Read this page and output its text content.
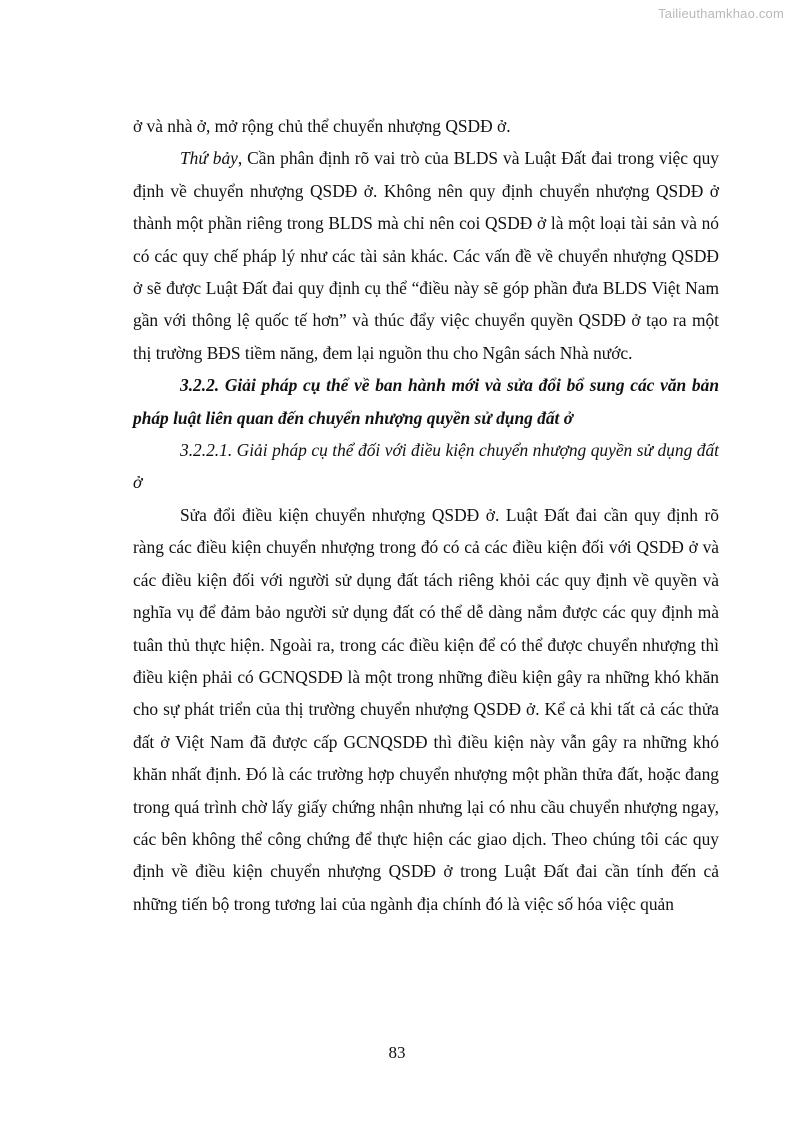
Tailieuthamkhao.com

ở và nhà ở, mở rộng chủ thể chuyển nhượng QSDĐ ở.

Thứ bảy, Cần phân định rõ vai trò của BLDS và Luật Đất đai trong việc quy định về chuyển nhượng QSDĐ ở. Không nên quy định chuyển nhượng QSDĐ ở thành một phần riêng trong BLDS mà chỉ nên coi QSDĐ ở là một loại tài sản và nó có các quy chế pháp lý như các tài sản khác. Các vấn đề về chuyển nhượng QSDĐ ở sẽ được Luật Đất đai quy định cụ thể “điều này sẽ góp phần đưa BLDS Việt Nam gần với thông lệ quốc tế hơn” và thúc đẩy việc chuyển quyền QSDĐ ở tạo ra một thị trường BĐS tiềm năng, đem lại nguồn thu cho Ngân sách Nhà nước.

3.2.2. Giải pháp cụ thể về ban hành mới và sửa đổi bổ sung các văn bản pháp luật liên quan đến chuyển nhượng quyền sử dụng đất ở

3.2.2.1. Giải pháp cụ thể đối với điều kiện chuyển nhượng quyền sử dụng đất ở

Sửa đổi điều kiện chuyển nhượng QSDĐ ở. Luật Đất đai cần quy định rõ ràng các điều kiện chuyển nhượng trong đó có cả các điều kiện đối với QSDĐ ở và các điều kiện đối với người sử dụng đất tách riêng khỏi các quy định về quyền và nghĩa vụ để đảm bảo người sử dụng đất có thể dễ dàng nắm được các quy định mà tuân thủ thực hiện. Ngoài ra, trong các điều kiện để có thể được chuyển nhượng thì điều kiện phải có GCNQSDĐ là một trong những điều kiện gây ra những khó khăn cho sự phát triển của thị trường chuyển nhượng QSDĐ ở. Kể cả khi tất cả các thửa đất ở Việt Nam đã được cấp GCNQSDĐ thì điều kiện này vẫn gây ra những khó khăn nhất định. Đó là các trường hợp chuyển nhượng một phần thửa đất, hoặc đang trong quá trình chờ lấy giấy chứng nhận nhưng lại có nhu cầu chuyển nhượng ngay, các bên không thể công chứng để thực hiện các giao dịch. Theo chúng tôi các quy định về điều kiện chuyển nhượng QSDĐ ở trong Luật Đất đai cần tính đến cả những tiến bộ trong tương lai của ngành địa chính đó là việc số hóa việc quản

83
